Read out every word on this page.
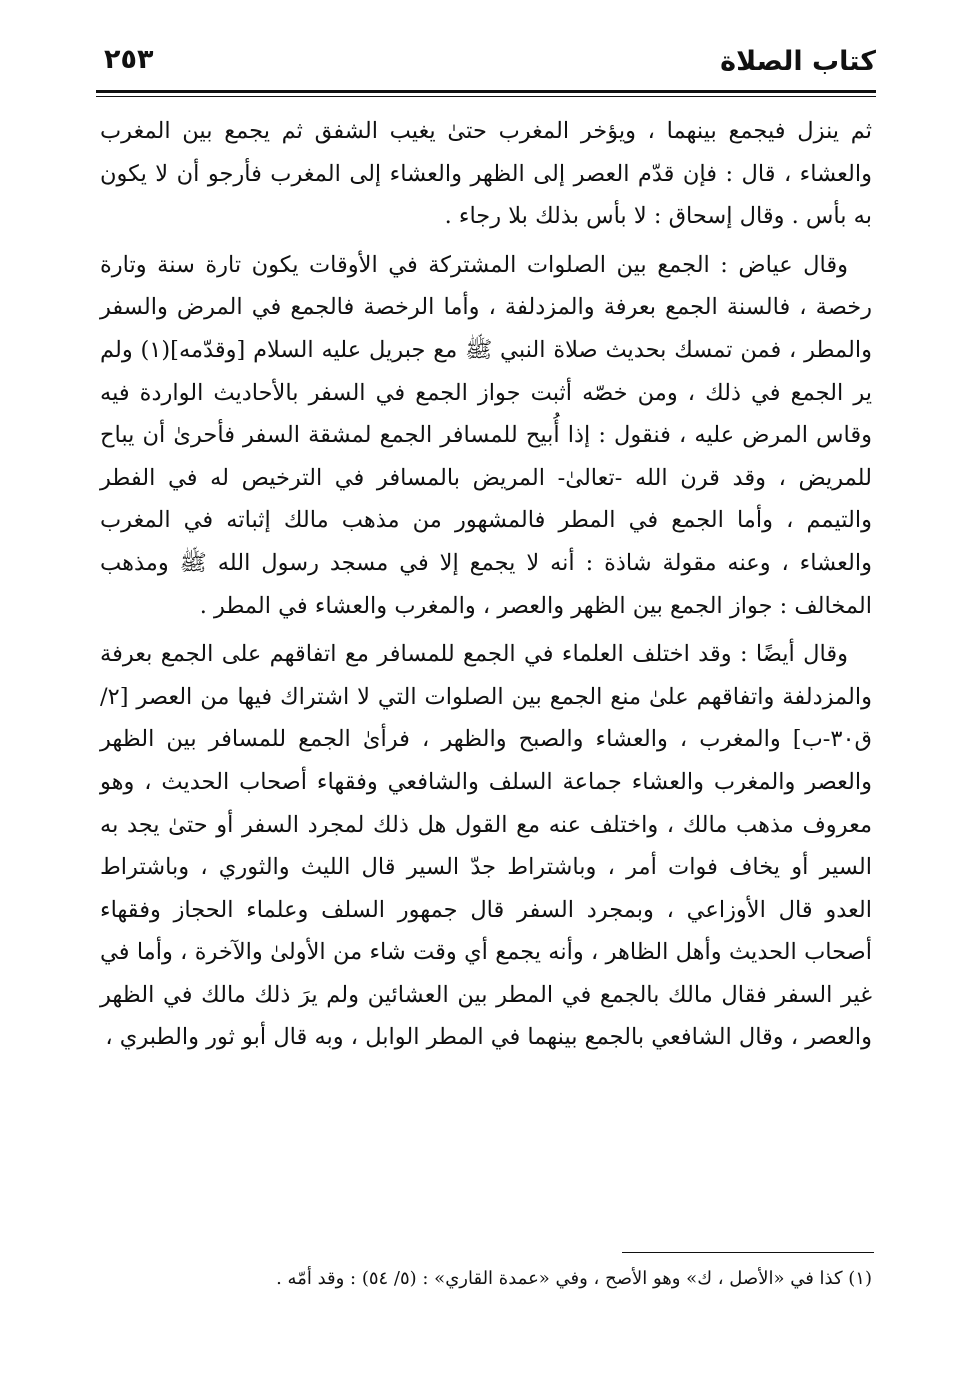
كتاب الصلاة
٢٥٣

ثم ينزل فيجمع بينهما ، ويؤخر المغرب حتىٰ يغيب الشفق ثم يجمع بين المغرب والعشاء ، قال : فإن قدّم العصر إلى الظهر والعشاء إلى المغرب فأرجو أن لا يكون به بأس . وقال إسحاق : لا بأس بذلك بلا رجاء .

وقال عياض : الجمع بين الصلوات المشتركة في الأوقات يكون تارة سنة وتارة رخصة ، فالسنة الجمع بعرفة والمزدلفة ، وأما الرخصة فالجمع في المرض والسفر والمطر ، فمن تمسك بحديث صلاة النبي ﷺ مع جبريل عليه السلام [وقدّمه](١) ولم ير الجمع في ذلك ، ومن خصّه أثبت جواز الجمع في السفر بالأحاديث الواردة فيه وقاس المرض عليه ، فنقول : إذا أُبيح للمسافر الجمع لمشقة السفر فأحرىٰ أن يباح للمريض ، وقد قرن الله -تعالىٰ- المريض بالمسافر في الترخيص له في الفطر والتيمم ، وأما الجمع في المطر فالمشهور من مذهب مالك إثباته في المغرب والعشاء ، وعنه مقولة شاذة : أنه لا يجمع إلا في مسجد رسول الله ﷺ ومذهب المخالف : جواز الجمع بين الظهر والعصر ، والمغرب والعشاء في المطر .

وقال أيضًا : وقد اختلف العلماء في الجمع للمسافر مع اتفاقهم على الجمع بعرفة والمزدلفة واتفاقهم علىٰ منع الجمع بين الصلوات التي لا اشتراك فيها من العصر [٢/ ق٣٠-ب] والمغرب ، والعشاء والصبح والظهر ، فرأىٰ الجمع للمسافر بين الظهر والعصر والمغرب والعشاء جماعة السلف والشافعي وفقهاء أصحاب الحديث ، وهو معروف مذهب مالك ، واختلف عنه مع القول هل ذلك لمجرد السفر أو حتىٰ يجد به السير أو يخاف فوات أمر ، وباشتراط جدّ السير قال الليث والثوري ، وباشتراط العدو قال الأوزاعي ، وبمجرد السفر قال جمهور السلف وعلماء الحجاز وفقهاء أصحاب الحديث وأهل الظاهر ، وأنه يجمع أي وقت شاء من الأولىٰ والآخرة ، وأما في غير السفر فقال مالك بالجمع في المطر بين العشائين ولم يرَ ذلك مالك في الظهر والعصر ، وقال الشافعي بالجمع بينهما في المطر الوابل ، وبه قال أبو ثور والطبري ،

(١) كذا في «الأصل ، ك» وهو الأصح ، وفي «عمدة القاري» : (٥/ ٥٤) : وقد أمّه .
